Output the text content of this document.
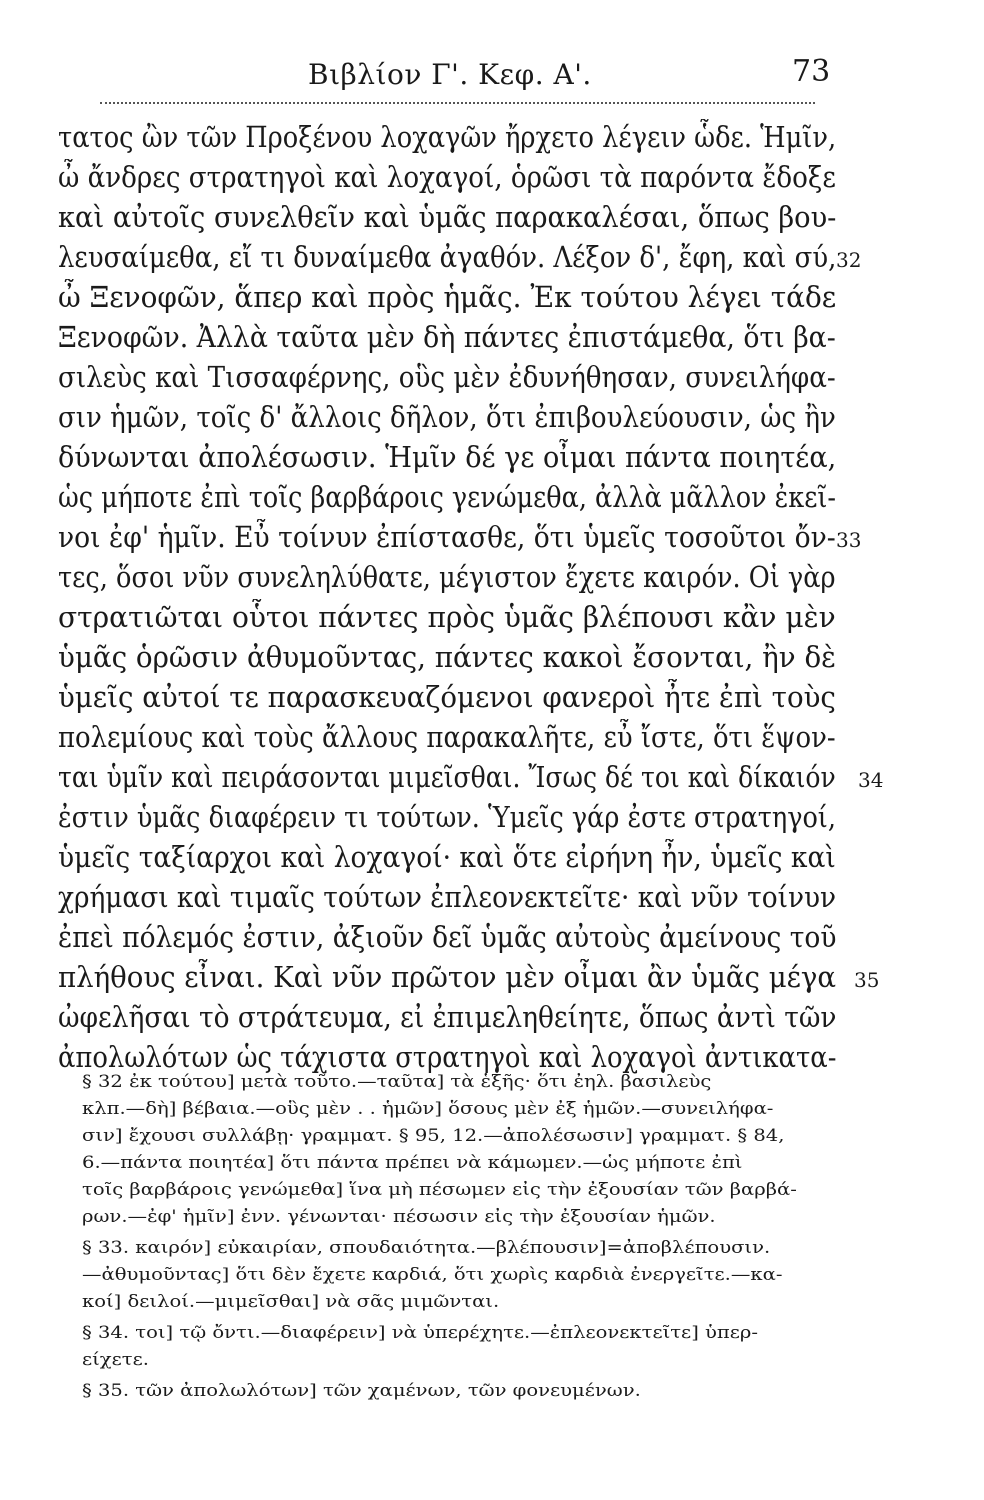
Βιβλίον Γ'. Κεφ. Α'.	73
τατος ὢν τῶν Προξένου λοχαγῶν ἤρχετο λέγειν ὧδε. Ἡμῖν,
ὦ ἄνδρες στρατηγοὶ καὶ λοχαγοί, ὁρῶσι τὰ παρόντα ἔδοξε
καὶ αὐτοῖς συνελθεῖν καὶ ὑμᾶς παρακαλέσαι, ὅπως βου-
λευσαίμεθα, εἴ τι δυναίμεθα ἀγαθόν. Λέξον δ', ἔφη, καὶ σύ, 32
ὦ Ξενοφῶν, ἅπερ καὶ πρὸς ἡμᾶς. Ἐκ τούτου λέγει τάδε
Ξενοφῶν. Ἀλλὰ ταῦτα μὲν δὴ πάντες ἐπιστάμεθα, ὅτι βα-
σιλεὺς καὶ Τισσαφέρνης, οὓς μὲν ἐδυνήθησαν, συνειλήφα-
σιν ἡμῶν, τοῖς δ' ἄλλοις δῆλον, ὅτι ἐπιβουλεύουσιν, ὡς ἢν
δύνωνται ἀπολέσωσιν. Ἡμῖν δέ γε οἶμαι πάντα ποιητέα,
ὡς μήποτε ἐπὶ τοῖς βαρβάροις γενώμεθα, ἀλλὰ μᾶλλον ἐκεῖ-
νοι ἐφ' ἡμῖν. Εὖ τοίνυν ἐπίστασθε, ὅτι ὑμεῖς τοσοῦτοι ὄν- 33
τες, ὅσοι νῦν συνεληλύθατε, μέγιστον ἔχετε καιρόν. Οἱ γὰρ
στρατιῶται οὗτοι πάντες πρὸς ὑμᾶς βλέπουσι κἂν μὲν
ὑμᾶς ὁρῶσιν ἀθυμοῦντας, πάντες κακοὶ ἔσονται, ἢν δὲ
ὑμεῖς αὐτοί τε παρασκευαζόμενοι φανεροὶ ἦτε ἐπὶ τοὺς
πολεμίους καὶ τοὺς ἄλλους παρακαλῆτε, εὖ ἴστε, ὅτι ἕψον-
ται ὑμῖν καὶ πειράσονται μιμεῖσθαι. Ἴσως δέ τοι καὶ δίκαιόν 34
ἐστιν ὑμᾶς διαφέρειν τι τούτων. Ὑμεῖς γάρ ἐστε στρατηγοί,
ὑμεῖς ταξίαρχοι καὶ λοχαγοί· καὶ ὅτε εἰρήνη ἦν, ὑμεῖς καὶ
χρήμασι καὶ τιμαῖς τούτων ἐπλεονεκτεῖτε· καὶ νῦν τοίνυν
ἐπεὶ πόλεμός ἐστιν, ἀξιοῦν δεῖ ὑμᾶς αὐτοὺς ἀμείνους τοῦ
πλήθους εἶναι. Καὶ νῦν πρῶτον μὲν οἶμαι ἂν ὑμᾶς μέγα 35
ὠφελῆσαι τὸ στράτευμα, εἰ ἐπιμεληθείητε, ὅπως ἀντὶ τῶν
ἀπολωλότων ὡς τάχιστα στρατηγοὶ καὶ λοχαγοὶ ἀντικατα-
§ 32 ἐκ τούτου] μετὰ τοῦτο.—ταῦτα] τὰ ἑξῆς· ὅτι ἐηλ. βασιλεὺς
κλπ.—δὴ] βέβαια.—οὓς μὲν . . ἡμῶν] ὅσους μὲν ἐξ ἡμῶν.—συνειλήφα-
σιν] ἔχουσι συλλάβῃ· γραμματ. § 95, 12.—ἀπολέσωσιν] γραμματ. § 84,
6.—πάντα ποιητέα] ὅτι πάντα πρέπει νὰ κάμωμεν.—ὡς μήποτε ἐπὶ
τοῖς βαρβάροις γενώμεθα] ἵνα μὴ πέσωμεν εἰς τὴν ἐξουσίαν τῶν βαρβά-
ρων.—ἐφ' ἡμῖν] ἐνν. γένωνται· πέσωσιν εἰς τὴν ἐξουσίαν ἡμῶν.
§ 33. καιρόν] εὐκαιρίαν, σπουδαιότητα.—βλέπουσιν]=ἀποβλέπουσιν.
—ἀθυμοῦντας] ὅτι δὲν ἔχετε καρδιά, ὅτι χωρὶς καρδιὰ ἐνεργεῖτε.—κα-
κοί] δειλοί.—μιμεῖσθαι] νὰ σᾶς μιμῶνται.
§ 34. τοι] τῷ ὄντι.—διαφέρειν] νὰ ὑπερέχητε.—ἐπλεονεκτεῖτε] ὑπερ-
είχετε.
§ 35. τῶν ἀπολωλότων] τῶν χαμένων, τῶν φονευμένων.
